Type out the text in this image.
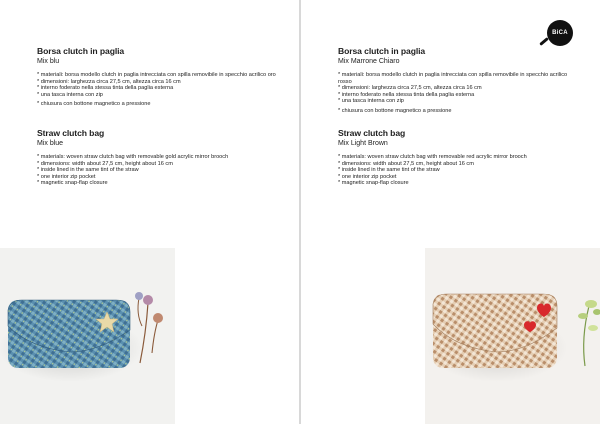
Borsa clutch in paglia

Mix blu

* materiali: borsa modello clutch in paglia intrecciata con spilla removibile in specchio acrilico oro

* dimensioni: larghezza circa 27,5 cm, altezza circa 16 cm

* interno foderato nella stessa tinta della paglia esterna

* una tasca interna con zip

* chiusura con bottone magnetico a pressione

Straw clutch bag

Mix blue

* materials: woven straw clutch bag with removable gold acrylic mirror brooch

* dimensions: width about 27,5 cm, height about 16 cm

* inside lined in the same tint of the straw

* one interior zip pocket

* magnetic snap-flap closure

BiCA

Borsa clutch in paglia

Mix Marrone Chiaro

* materiali: borsa modello clutch in paglia intrecciata con spilla removibile in specchio acrilico rosso

* dimensioni: larghezza circa 27,5 cm, altezza circa 16 cm

* interno foderato nella stessa tinta della paglia esterna

* una tasca interna con zip

* chiusura con bottone magnetico a pressione

Straw clutch bag

Mix Light Brown

* materials: woven straw clutch bag with removable red acrylic mirror brooch

* dimensions: width about 27,5 cm, height about 16 cm

* inside lined in the same tint of the straw

* one interior zip pocket

* magnetic snap-flap closure
